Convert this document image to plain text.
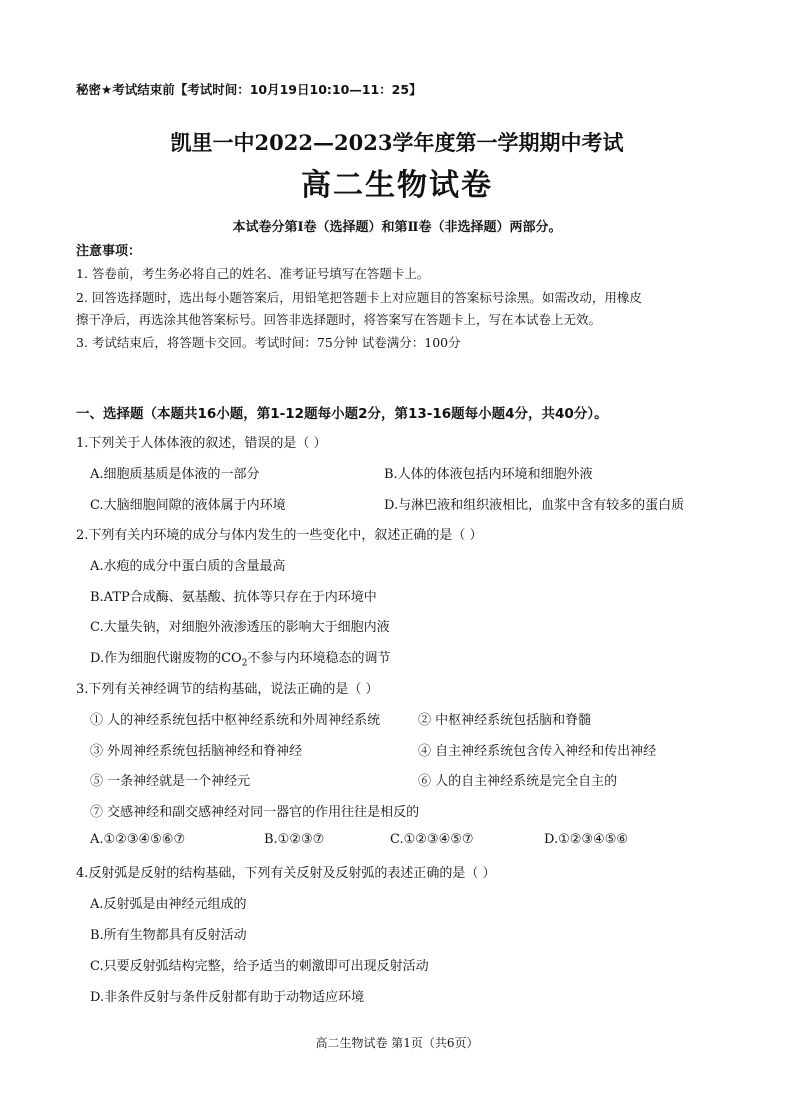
秘密★考试结束前【考试时间：10月19日10:10—11：25】
凯里一中2022—2023学年度第一学期期中考试
高二生物试卷
本试卷分第Ⅰ卷（选择题）和第Ⅱ卷（非选择题）两部分。
注意事项：
1. 答卷前，考生务必将自己的姓名、准考证号填写在答题卡上。
2. 回答选择题时，选出每小题答案后，用铅笔把答题卡上对应题目的答案标号涂黑。如需改动，用橡皮
擦干净后，再选涂其他答案标号。回答非选择题时，将答案写在答题卡上，写在本试卷上无效。
3. 考试结束后，将答题卡交回。考试时间：75分钟 试卷满分：100分
一、选择题（本题共16小题，第1-12题每小题2分，第13-16题每小题4分，共40分）。
1.下列关于人体体液的叙述，错误的是（ ）
A.细胞质基质是体液的一部分	B.人体的体液包括内环境和细胞外液
C.大脑细胞间隙的液体属于内环境	D.与淋巴液和组织液相比，血浆中含有较多的蛋白质
2.下列有关内环境的成分与体内发生的一些变化中，叙述正确的是（ ）
A.水疱的成分中蛋白质的含量最高
B.ATP合成酶、氨基酸、抗体等只存在于内环境中
C.大量失钠，对细胞外液渗透压的影响大于细胞内液
D.作为细胞代谢废物的$CO_2$不参与内环境稳态的调节
3.下列有关神经调节的结构基础，说法正确的是（ ）
① 人的神经系统包括中枢神经系统和外周神经系统	② 中枢神经系统包括脑和脊髓
③ 外周神经系统包括脑神经和脊神经	④ 自主神经系统包含传入神经和传出神经
⑤ 一条神经就是一个神经元	⑥ 人的自主神经系统是完全自主的
⑦ 交感神经和副交感神经对同一器官的作用往往是相反的
A.①②③④⑤⑥⑦	B.①②③⑦	C.①②③④⑤⑦	D.①②③④⑤⑥
4.反射弧是反射的结构基础，下列有关反射及反射弧的表述正确的是（ ）
A.反射弧是由神经元组成的
B.所有生物都具有反射活动
C.只要反射弧结构完整，给予适当的刺激即可出现反射活动
D.非条件反射与条件反射都有助于动物适应环境
高二生物试卷 第1页（共6页）
